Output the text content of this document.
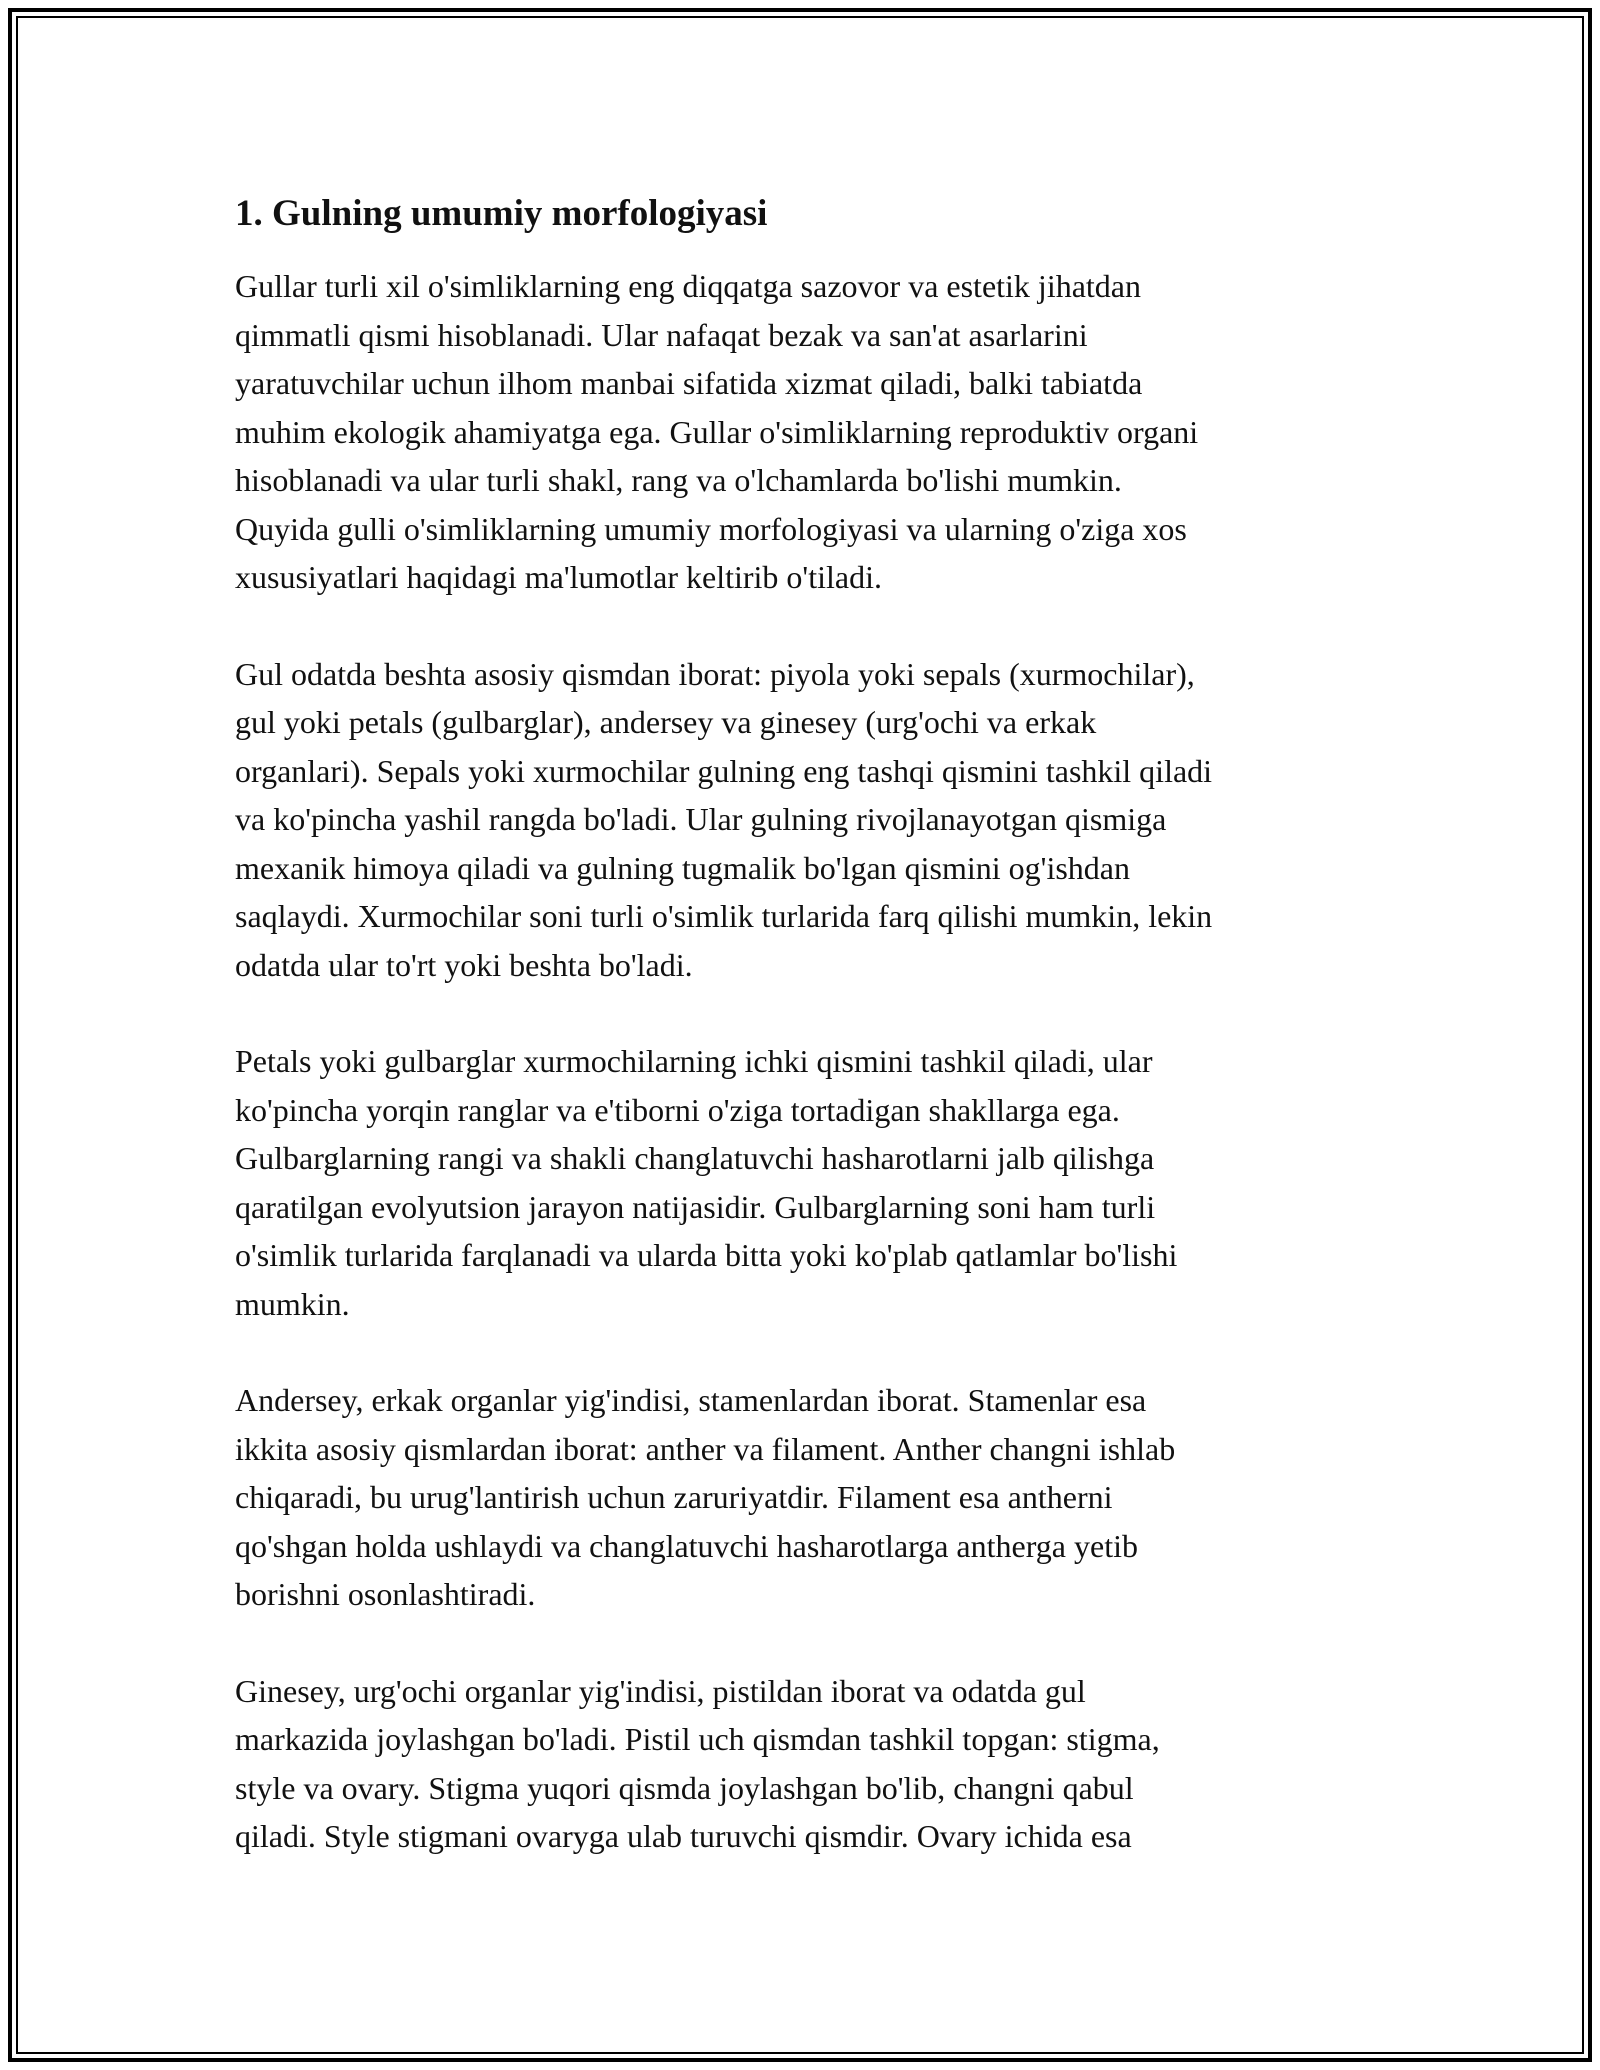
1. Gulning umumiy morfologiyasi

Gullar turli xil o'simliklarning eng diqqatga sazovor va estetik jihatdan
qimmatli qismi hisoblanadi. Ular nafaqat bezak va san'at asarlarini
yaratuvchilar uchun ilhom manbai sifatida xizmat qiladi, balki tabiatda
muhim ekologik ahamiyatga ega. Gullar o'simliklarning reproduktiv organi
hisoblanadi va ular turli shakl, rang va o'lchamlarda bo'lishi mumkin.
Quyida gulli o'simliklarning umumiy morfologiyasi va ularning o'ziga xos
xususiyatlari haqidagi ma'lumotlar keltirib o'tiladi.

Gul odatda beshta asosiy qismdan iborat: piyola yoki sepals (xurmochilar),
gul yoki petals (gulbarglar), andersey va ginesey (urg'ochi va erkak
organlari). Sepals yoki xurmochilar gulning eng tashqi qismini tashkil qiladi
va ko'pincha yashil rangda bo'ladi. Ular gulning rivojlanayotgan qismiga
mexanik himoya qiladi va gulning tugmalik bo'lgan qismini og'ishdan
saqlaydi. Xurmochilar soni turli o'simlik turlarida farq qilishi mumkin, lekin
odatda ular to'rt yoki beshta bo'ladi.

Petals yoki gulbarglar xurmochilarning ichki qismini tashkil qiladi, ular
ko'pincha yorqin ranglar va e'tiborni o'ziga tortadigan shakllarga ega.
Gulbarglarning rangi va shakli changlatuvchi hasharotlarni jalb qilishga
qaratilgan evolyutsion jarayon natijasidir. Gulbarglarning soni ham turli
o'simlik turlarida farqlanadi va ularda bitta yoki ko'plab qatlamlar bo'lishi
mumkin.

Andersey, erkak organlar yig'indisi, stamenlardan iborat. Stamenlar esa
ikkita asosiy qismlardan iborat: anther va filament. Anther changni ishlab
chiqaradi, bu urug'lantirish uchun zaruriyatdir. Filament esa antherni
qo'shgan holda ushlaydi va changlatuvchi hasharotlarga antherga yetib
borishni osonlashtiradi.

Ginesey, urg'ochi organlar yig'indisi, pistildan iborat va odatda gul
markazida joylashgan bo'ladi. Pistil uch qismdan tashkil topgan: stigma,
style va ovary. Stigma yuqori qismda joylashgan bo'lib, changni qabul
qiladi. Style stigmani ovaryga ulab turuvchi qismdir. Ovary ichida esa
